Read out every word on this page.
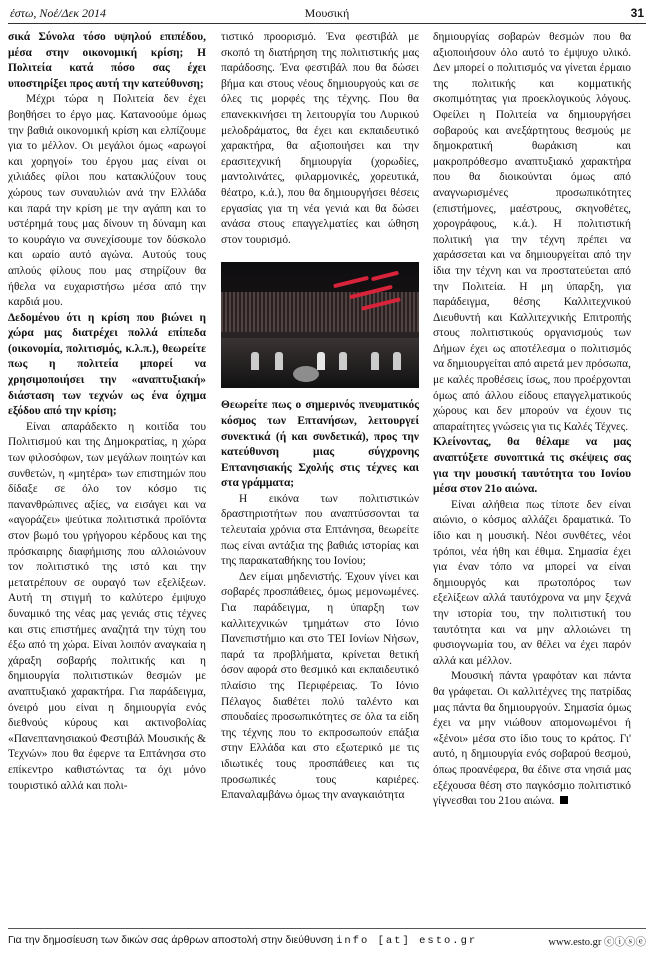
έστω, Νοέ/Δεκ 2014	Μουσική	31

σικά Σύνολα τόσο υψηλού επιπέδου, μέσα στην οικονομική κρίση; Η Πολιτεία κατά πόσο σας έχει υποστηρίξει προς αυτή την κατεύθυνση;

Μέχρι τώρα η Πολιτεία δεν έχει βοηθήσει το έργο μας. Κατανοούμε όμως την βαθιά οικονομική κρίση και ελπίζουμε για το μέλλον. Οι μεγάλοι όμως «αρωγοί και χορηγοί» του έργου μας είναι οι χιλιάδες φίλοι που κατακλύζουν τους χώρους των συναυλιών ανά την Ελλάδα και παρά την κρίση με την αγάπη και το υστέρημά τους μας δίνουν τη δύναμη και το κουράγιο να συνεχίσουμε τον δύσκολο και ωραίο αυτό αγώνα. Αυτούς τους απλούς φίλους που μας στηρίζουν θα ήθελα να ευχαριστήσω μέσα από την καρδιά μου.

Δεδομένου ότι η κρίση που βιώνει η χώρα μας διατρέχει πολλά επίπεδα (οικονομία, πολιτισμός, κ.λ.π.), θεωρείτε πως η πολιτεία μπορεί να χρησιμοποιήσει την «αναπτυξιακή» διάσταση των τεχνών ως ένα όχημα εξόδου από την κρίση;

Είναι απαράδεκτο η κοιτίδα του Πολιτισμού και της Δημοκρατίας, η χώρα των φιλοσόφων, των μεγάλων ποιητών και συνθετών, η «μητέρα» των επιστημών που δίδαξε σε όλο τον κόσμο τις πανανθρώπινες αξίες, να εισάγει και να «αγοράζει» ψεύτικα πολιτιστικά προϊόντα στον βωμό του γρήγορου κέρδους και της πρόσκαιρης διαφήμισης που αλλοιώνουν τον πολιτιστικό της ιστό και την μετατρέπουν σε ουραγό των εξελίξεων. Αυτή τη στιγμή το καλύτερο έμψυχο δυναμικό της νέας μας γενιάς στις τέχνες και στις επιστήμες αναζητά την τύχη του έξω από τη χώρα. Είναι λοιπόν αναγκαία η χάραξη σοβαρής πολιτικής και η δημιουργία πολιτιστικών θεσμών με αναπτυξιακό χαρακτήρα. Για παράδειγμα, όνειρό μου είναι η δημιουργία ενός διεθνούς κύρους και ακτινοβολίας «Πανεπτανησιακού Φεστιβάλ Μουσικής & Τεχνών» που θα έφερνε τα Επτάνησα στο επίκεντρο καθιστώντας τα όχι μόνο τουριστικό αλλά και πολι-

τιστικό προορισμό. Ένα φεστιβάλ με σκοπό τη διατήρηση της πολιτιστικής μας παράδοσης. Ένα φεστιβάλ που θα δώσει βήμα και στους νέους δημιουργούς και σε όλες τις μορφές της τέχνης. Που θα επανεκκινήσει τη λειτουργία του Λυρικού μελοδράματος, θα έχει και εκπαιδευτικό χαρακτήρα, θα αξιοποιήσει και την ερασιτεχνική δημιουργία (χορωδίες, μαντολινάτες, φιλαρμονικές, χορευτικά, θέατρο, κ.ά.), που θα δημιουργήσει θέσεις εργασίας για τη νέα γενιά και θα δώσει ανάσα στους επαγγελματίες και ώθηση στον τουρισμό.

Θεωρείτε πως ο σημερινός πνευματικός κόσμος των Επτανήσων, λειτουργεί συνεκτικά (ή και συνδετικά), προς την κατεύθυνση μιας σύγχρονης Επτανησιακής Σχολής στις τέχνες και στα γράμματα;

Η εικόνα των πολιτιστικών δραστηριοτήτων που αναπτύσσονται τα τελευταία χρόνια στα Επτάνησα, θεωρείτε πως είναι αντάξια της βαθιάς ιστορίας και της παρακαταθήκης του Ιονίου;

Δεν είμαι μηδενιστής. Έχουν γίνει και σοβαρές προσπάθειες, όμως μεμονωμένες. Για παράδειγμα, η ύπαρξη των καλλιτεχνικών τμημάτων στο Ιόνιο Πανεπιστήμιο και στο ΤΕΙ Ιονίων Νήσων, παρά τα προβλήματα, κρίνεται θετική όσον αφορά στο θεσμικό και εκπαιδευτικό πλαίσιο της Περιφέρειας. Το Ιόνιο Πέλαγος διαθέτει πολύ ταλέντο και σπουδαίες προσωπικότητες σε όλα τα είδη της τέχνης που το εκπροσωπούν επάξια στην Ελλάδα και στο εξωτερικό με τις ιδιωτικές τους προσπάθειες και τις προσωπικές τους καριέρες. Επαναλαμβάνω όμως την αναγκαιότητα

δημιουργίας σοβαρών θεσμών που θα αξιοποιήσουν όλο αυτό το έμψυχο υλικό. Δεν μπορεί ο πολιτισμός να γίνεται έρμαιο της πολιτικής και κομματικής σκοπιμότητας για προεκλογικούς λόγους. Οφείλει η Πολιτεία να δημιουργήσει σοβαρούς και ανεξάρτητους θεσμούς με δημοκρατική θωράκιση και μακροπρόθεσμο αναπτυξιακό χαρακτήρα που θα διοικούνται όμως από αναγνωρισμένες προσωπικότητες (επιστήμονες, μαέστρους, σκηνοθέτες, χορογράφους, κ.ά.). Η πολιτιστική πολιτική για την τέχνη πρέπει να χαράσσεται και να δημιουργείται από την ίδια την τέχνη και να προστατεύεται από την Πολιτεία. Η μη ύπαρξη, για παράδειγμα, θέσης Καλλιτεχνικού Διευθυντή και Καλλιτεχνικής Επιτροπής στους πολιτιστικούς οργανισμούς των Δήμων έχει ως αποτέλεσμα ο πολιτισμός να δημιουργείται από αιρετά μεν πρόσωπα, με καλές προθέσεις ίσως, που προέρχονται όμως από άλλου είδους επαγγελματικούς χώρους και δεν μπορούν να έχουν τις απαραίτητες γνώσεις για τις Καλές Τέχνες.

Κλείνοντας, θα θέλαμε να μας αναπτύξετε συνοπτικά τις σκέψεις σας για την μουσική ταυτότητα του Ιονίου μέσα στον 21ο αιώνα.

Είναι αλήθεια πως τίποτε δεν είναι αιώνιο, ο κόσμος αλλάζει δραματικά. Το ίδιο και η μουσική. Νέοι συνθέτες, νέοι τρόποι, νέα ήθη και έθιμα. Σημασία έχει για έναν τόπο να μπορεί να είναι δημιουργός και πρωτοπόρος των εξελίξεων αλλά ταυτόχρονα να μην ξεχνά την ιστορία του, την πολιτιστική του ταυτότητα και να μην αλλοιώνει τη φυσιογνωμία του, αν θέλει να έχει παρόν αλλά και μέλλον.

Μουσική πάντα γραφόταν και πάντα θα γράφεται. Οι καλλιτέχνες της πατρίδας μας πάντα θα δημιουργούν. Σημασία όμως έχει να μην νιώθουν απομονωμένοι ή «ξένοι» μέσα στο ίδιο τους το κράτος. Γι' αυτό, η δημιουργία ενός σοβαρού θεσμού, όπως προανέφερα, θα έδινε στα νησιά μας εξέχουσα θέση στο παγκόσμιο πολιτιστικό γίγνεσθαι του 21ου αιώνα.

Για την δημοσίευση των δικών σας άρθρων αποστολή στην διεύθυνση info [at] esto.gr	www.esto.gr ⓒⓘⓢⓔ
